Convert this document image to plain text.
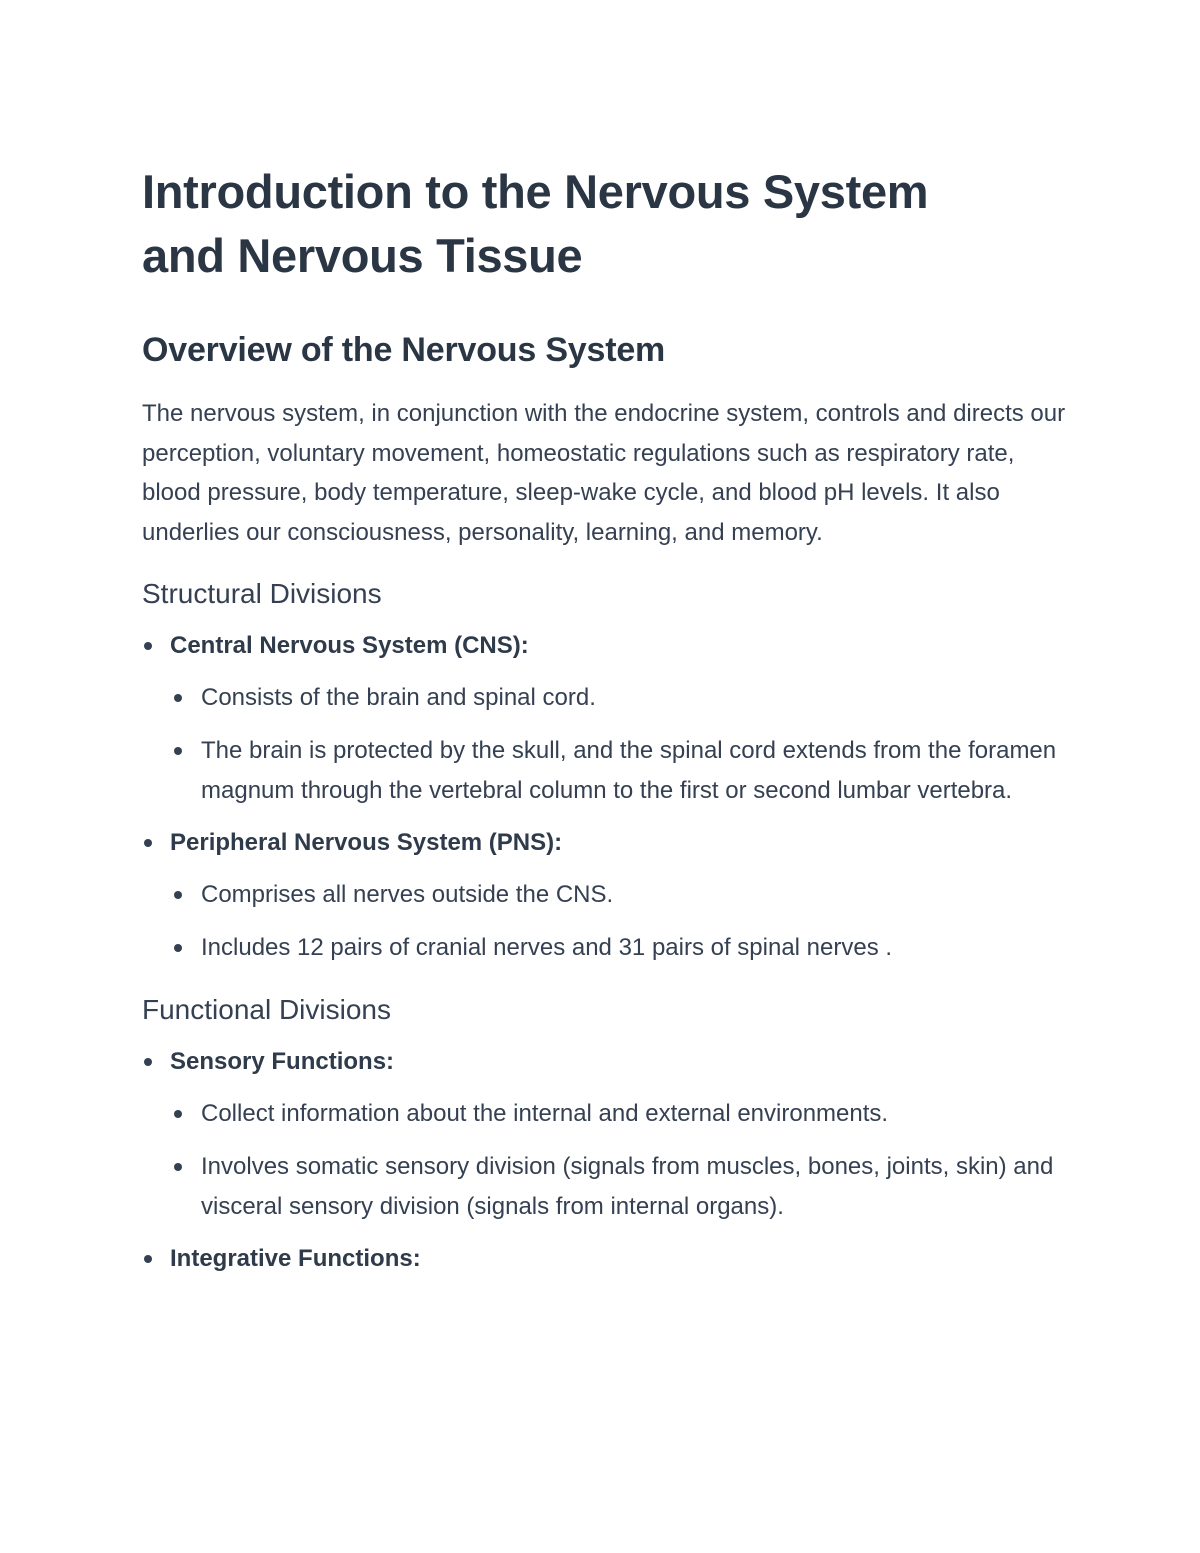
Introduction to the Nervous System
and Nervous Tissue
Overview of the Nervous System

The nervous system, in conjunction with the endocrine system, controls and directs our perception, voluntary movement, homeostatic regulations such as respiratory rate, blood pressure, body temperature, sleep-wake cycle, and blood pH levels. It also underlies our consciousness, personality, learning, and memory.

Structural Divisions
Central Nervous System (CNS):
Consists of the brain and spinal cord.
The brain is protected by the skull, and the spinal cord extends from the foramen magnum through the vertebral column to the first or second lumbar vertebra.
Peripheral Nervous System (PNS):
Comprises all nerves outside the CNS.
Includes 12 pairs of cranial nerves and 31 pairs of spinal nerves .
Functional Divisions
Sensory Functions:
Collect information about the internal and external environments.
Involves somatic sensory division (signals from muscles, bones, joints, skin) and visceral sensory division (signals from internal organs).
Integrative Functions:
